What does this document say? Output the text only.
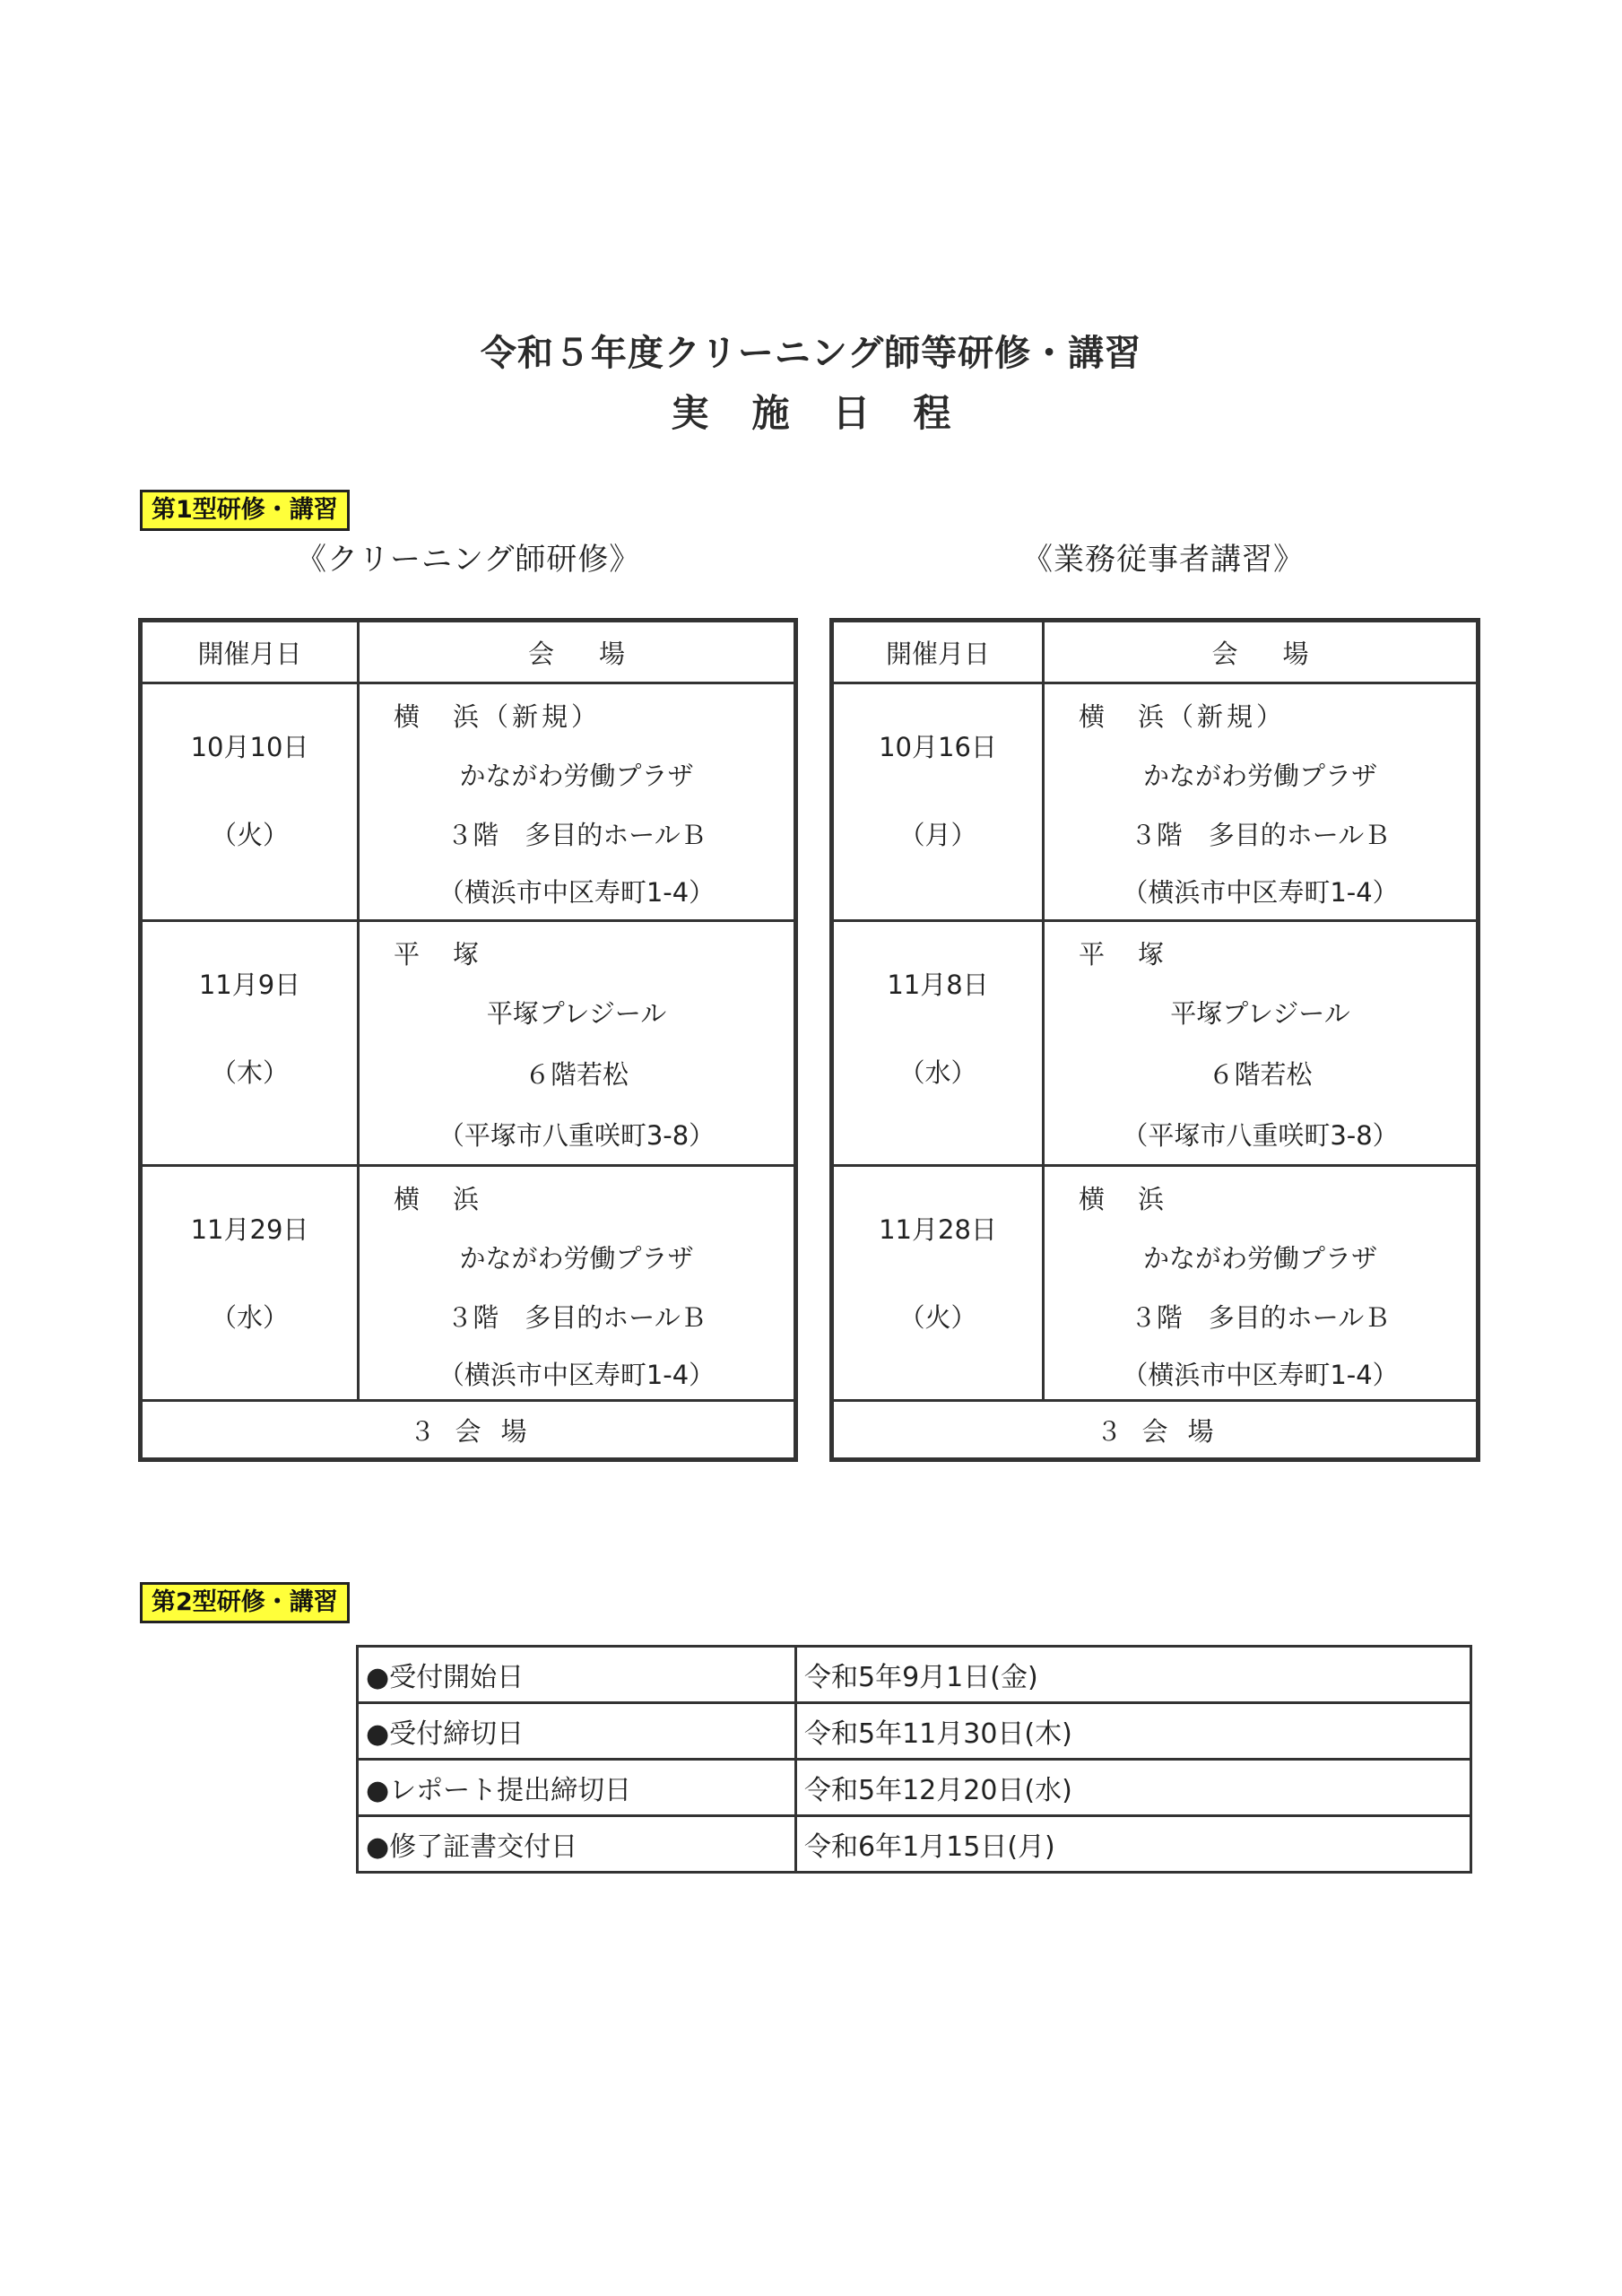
令和５年度クリーニング師等研修・講習
実施日程
第1型研修・講習
《クリーニング師研修》	《業務従事者講習》
開催月日	会場

10月10日
（火）	横　浜（新規）
かながわ労働プラザ
３階　多目的ホールＢ
（横浜市中区寿町1-4）

11月9日
（木）	平　塚
平塚プレジール
６階若松
（平塚市八重咲町3-8）

11月29日
（水）	横　浜
かながわ労働プラザ
３階　多目的ホールＢ
（横浜市中区寿町1-4）

３会場	
開催月日	会場

10月16日
（月）	横　浜（新規）
かながわ労働プラザ
３階　多目的ホールＢ
（横浜市中区寿町1-4）

11月8日
（水）	平　塚
平塚プレジール
６階若松
（平塚市八重咲町3-8）

11月28日
（火）	横　浜
かながわ労働プラザ
３階　多目的ホールＢ
（横浜市中区寿町1-4）

３会場	
第2型研修・講習
●受付開始日	令和5年9月1日(金)
●受付締切日	令和5年11月30日(木)
●レポート提出締切日	令和5年12月20日(水)
●修了証書交付日	令和6年1月15日(月)
